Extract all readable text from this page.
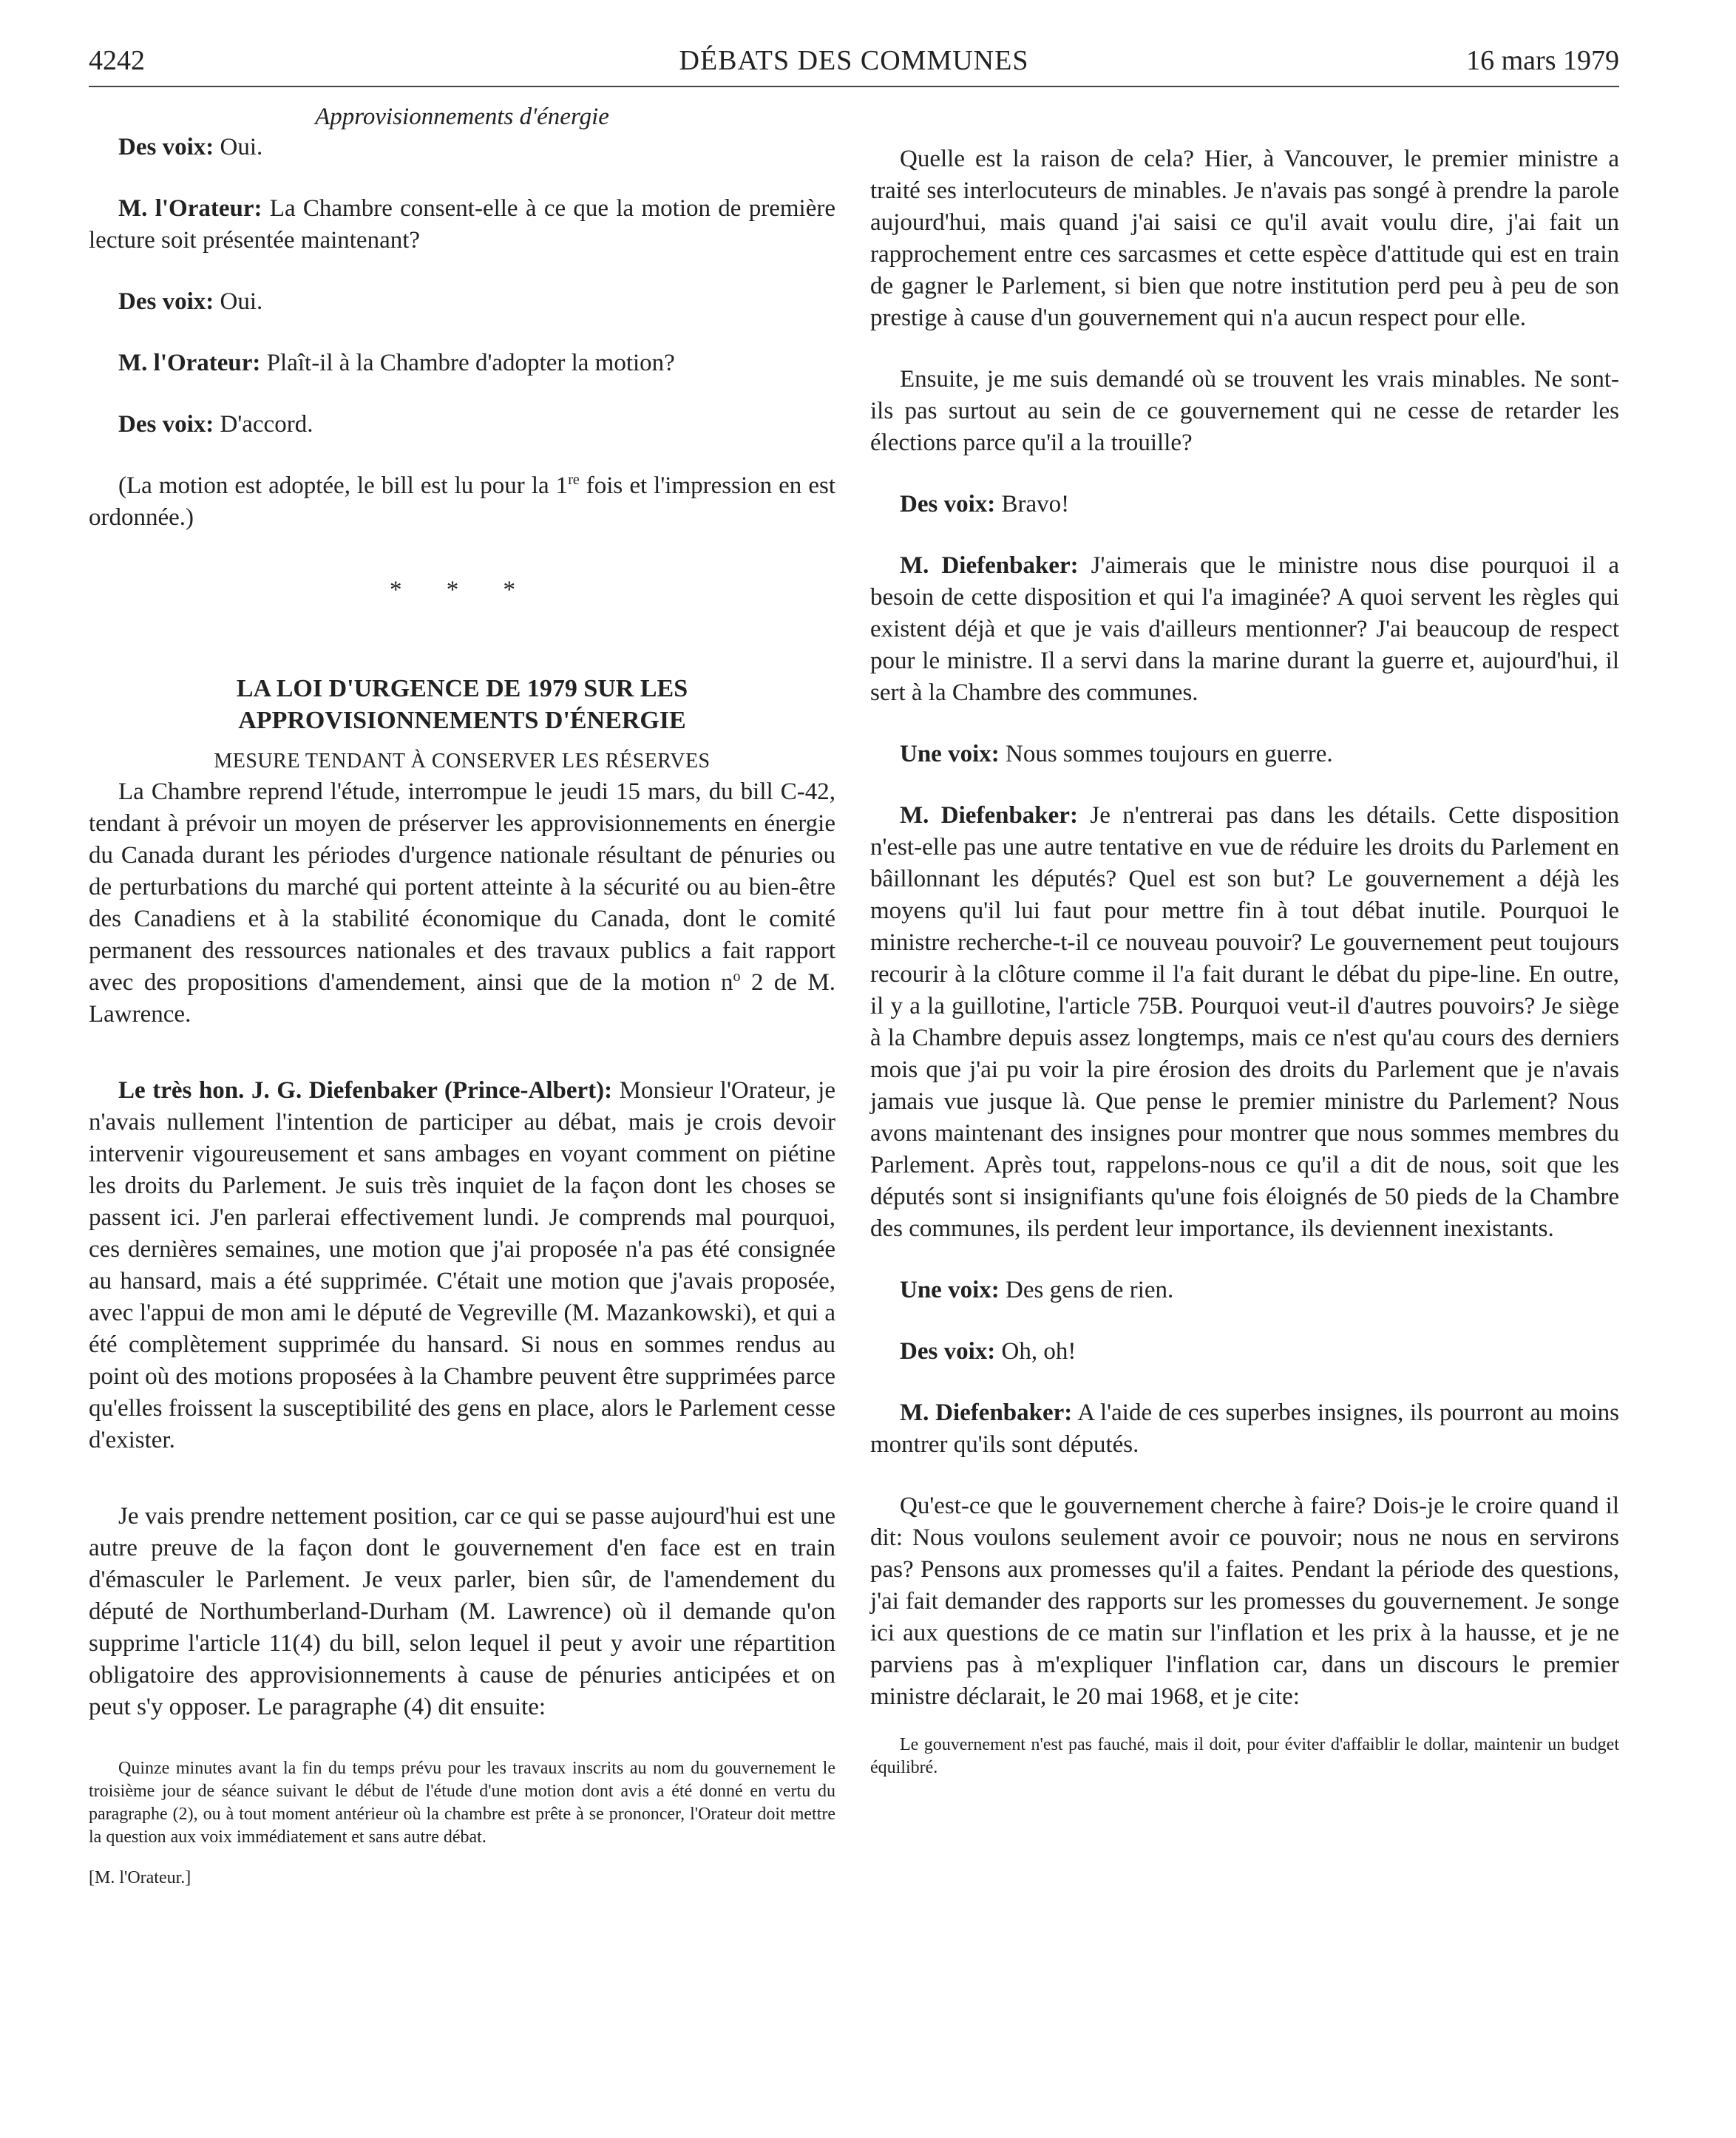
4242	DÉBATS DES COMMUNES	16 mars 1979

Approvisionnements d'énergie

Des voix: Oui.

M. l'Orateur: La Chambre consent-elle à ce que la motion de première lecture soit présentée maintenant?

Des voix: Oui.

M. l'Orateur: Plaît-il à la Chambre d'adopter la motion?

Des voix: D'accord.

(La motion est adoptée, le bill est lu pour la 1re fois et l'impression en est ordonnée.)

* * *

LA LOI D'URGENCE DE 1979 SUR LES
APPROVISIONNEMENTS D'ÉNERGIE

MESURE TENDANT À CONSERVER LES RÉSERVES

La Chambre reprend l'étude, interrompue le jeudi 15 mars, du bill C-42, tendant à prévoir un moyen de préserver les approvisionnements en énergie du Canada durant les périodes d'urgence nationale résultant de pénuries ou de perturbations du marché qui portent atteinte à la sécurité ou au bien-être des Canadiens et à la stabilité économique du Canada, dont le comité permanent des ressources nationales et des travaux publics a fait rapport avec des propositions d'amendement, ainsi que de la motion $n^o$ 2 de M. Lawrence.

Le très hon. J. G. Diefenbaker (Prince-Albert): Monsieur l'Orateur, je n'avais nullement l'intention de participer au débat, mais je crois devoir intervenir vigoureusement et sans ambages en voyant comment on piétine les droits du Parlement. Je suis très inquiet de la façon dont les choses se passent ici. J'en parlerai effectivement lundi. Je comprends mal pourquoi, ces dernières semaines, une motion que j'ai proposée n'a pas été consignée au hansard, mais a été supprimée. C'était une motion que j'avais proposée, avec l'appui de mon ami le député de Vegreville (M. Mazankowski), et qui a été complètement supprimée du hansard. Si nous en sommes rendus au point où des motions proposées à la Chambre peuvent être supprimées parce qu'elles froissent la susceptibilité des gens en place, alors le Parlement cesse d'exister.

Je vais prendre nettement position, car ce qui se passe aujourd'hui est une autre preuve de la façon dont le gouvernement d'en face est en train d'émasculer le Parlement. Je veux parler, bien sûr, de l'amendement du député de Northumberland-Durham (M. Lawrence) où il demande qu'on supprime l'article 11(4) du bill, selon lequel il peut y avoir une répartition obligatoire des approvisionnements à cause de pénuries anticipées et on peut s'y opposer. Le paragraphe (4) dit ensuite:

Quinze minutes avant la fin du temps prévu pour les travaux inscrits au nom du gouvernement le troisième jour de séance suivant le début de l'étude d'une motion dont avis a été donné en vertu du paragraphe (2), ou à tout moment antérieur où la chambre est prête à se prononcer, l'Orateur doit mettre la question aux voix immédiatement et sans autre débat.

[M. l'Orateur.]

Quelle est la raison de cela? Hier, à Vancouver, le premier ministre a traité ses interlocuteurs de minables. Je n'avais pas songé à prendre la parole aujourd'hui, mais quand j'ai saisi ce qu'il avait voulu dire, j'ai fait un rapprochement entre ces sarcasmes et cette espèce d'attitude qui est en train de gagner le Parlement, si bien que notre institution perd peu à peu de son prestige à cause d'un gouvernement qui n'a aucun respect pour elle.

Ensuite, je me suis demandé où se trouvent les vrais minables. Ne sont-ils pas surtout au sein de ce gouvernement qui ne cesse de retarder les élections parce qu'il a la trouille?

Des voix: Bravo!

M. Diefenbaker: J'aimerais que le ministre nous dise pourquoi il a besoin de cette disposition et qui l'a imaginée? A quoi servent les règles qui existent déjà et que je vais d'ailleurs mentionner? J'ai beaucoup de respect pour le ministre. Il a servi dans la marine durant la guerre et, aujourd'hui, il sert à la Chambre des communes.

Une voix: Nous sommes toujours en guerre.

M. Diefenbaker: Je n'entrerai pas dans les détails. Cette disposition n'est-elle pas une autre tentative en vue de réduire les droits du Parlement en bâillonnant les députés? Quel est son but? Le gouvernement a déjà les moyens qu'il lui faut pour mettre fin à tout débat inutile. Pourquoi le ministre recherche-t-il ce nouveau pouvoir? Le gouvernement peut toujours recourir à la clôture comme il l'a fait durant le débat du pipe-line. En outre, il y a la guillotine, l'article 75B. Pourquoi veut-il d'autres pouvoirs? Je siège à la Chambre depuis assez longtemps, mais ce n'est qu'au cours des derniers mois que j'ai pu voir la pire érosion des droits du Parlement que je n'avais jamais vue jusque là. Que pense le premier ministre du Parlement? Nous avons maintenant des insignes pour montrer que nous sommes membres du Parlement. Après tout, rappelons-nous ce qu'il a dit de nous, soit que les députés sont si insignifiants qu'une fois éloignés de 50 pieds de la Chambre des communes, ils perdent leur importance, ils deviennent inexistants.

Une voix: Des gens de rien.

Des voix: Oh, oh!

M. Diefenbaker: A l'aide de ces superbes insignes, ils pourront au moins montrer qu'ils sont députés.

Qu'est-ce que le gouvernement cherche à faire? Dois-je le croire quand il dit: Nous voulons seulement avoir ce pouvoir; nous ne nous en servirons pas? Pensons aux promesses qu'il a faites. Pendant la période des questions, j'ai fait demander des rapports sur les promesses du gouvernement. Je songe ici aux questions de ce matin sur l'inflation et les prix à la hausse, et je ne parviens pas à m'expliquer l'inflation car, dans un discours le premier ministre déclarait, le 20 mai 1968, et je cite:

Le gouvernement n'est pas fauché, mais il doit, pour éviter d'affaiblir le dollar, maintenir un budget équilibré.
